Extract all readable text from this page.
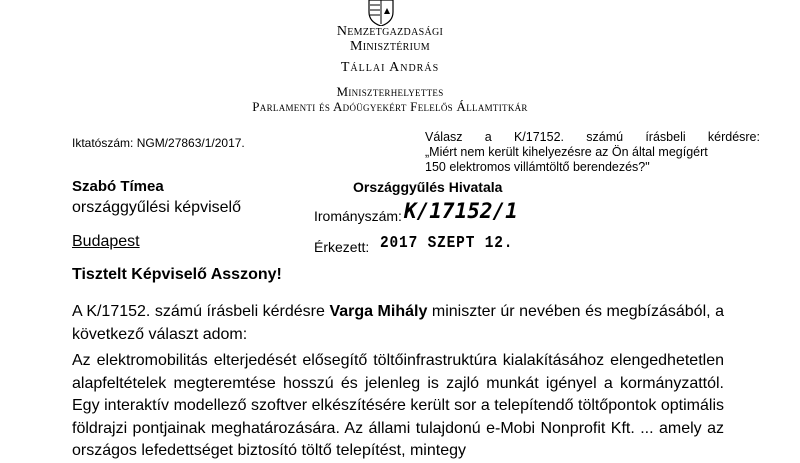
Nemzetgazdasági
Minisztérium
Tállai András
Miniszterhelyettes
Parlamenti és Adóügyekért Felelős Államtitkár
Iktatószám: NGM/27863/1/2017.	Válasz a K/17152. számú írásbeli kérdésre:
„Miért nem került kihelyezésre az Ön által megígért
150 elektromos villámtöltő berendezés?"
Szabó Tímea
országgyűlési képviselő
Budapest
Országgyűlés Hivatala
Irományszám: K/17152/1
Érkezett: 2017 SZEPT 12.
Tisztelt Képviselő Asszony!

A K/17152. számú írásbeli kérdésre Varga Mihály miniszter úr nevében és megbízásából, a következő választ adom:

Az elektromobilitás elterjedését elősegítő töltőinfrastruktúra kialakításához elengedhetetlen alapfeltételek megteremtése hosszú és jelenleg is zajló munkát igényel a kormányzattól. Egy interaktív modellező szoftver elkészítésére került sor a telepítendő töltőpontok optimális földrajzi pontjainak meghatározására. Az állami tulajdonú e-Mobi Nonprofit Kft. ... amely az országos lefedettséget biztosító töltő telepítést, mintegy
